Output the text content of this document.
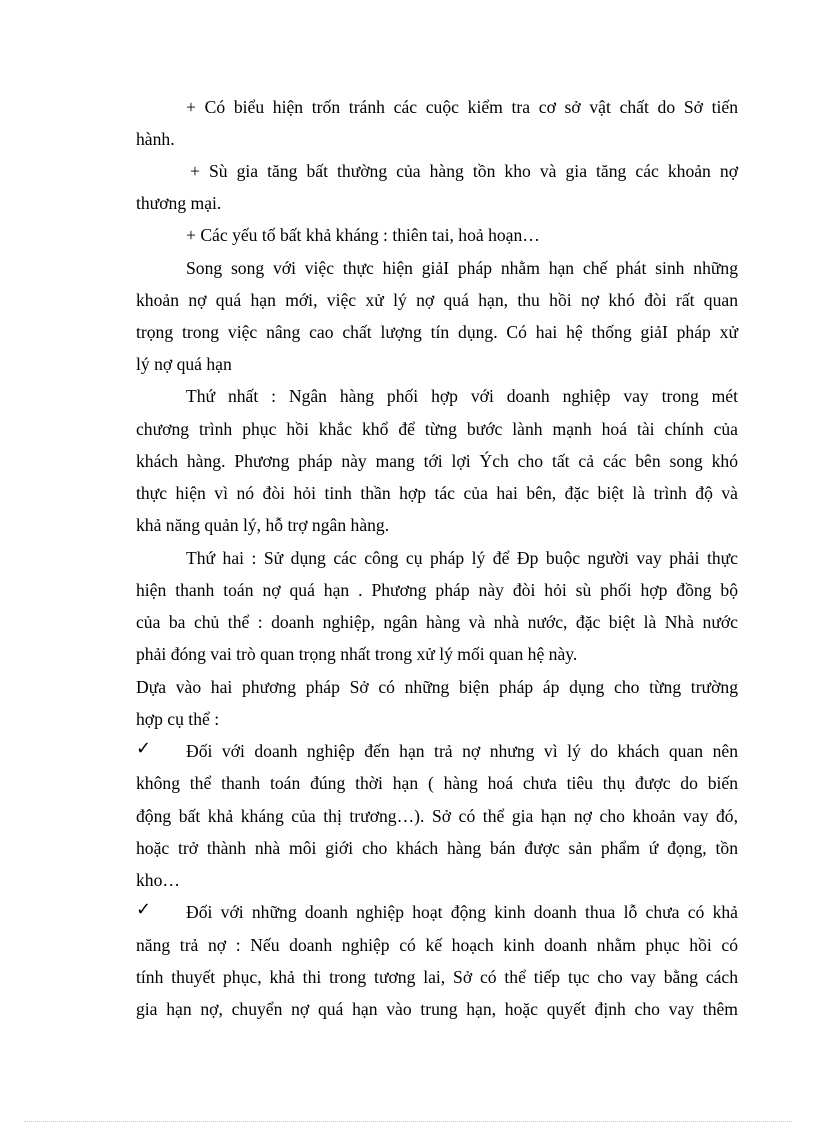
+ Có biểu hiện trốn tránh các cuộc kiểm tra cơ sở vật chất do Sở tiến
hành.
+ Sù gia tăng bất thường của hàng tồn kho và gia tăng các khoản nợ
thương mại.
+ Các yếu tố bất khả kháng : thiên tai, hoả hoạn…
Song song với việc thực hiện giảI pháp nhằm hạn chế phát sinh những
khoản nợ quá hạn mới, việc xử lý nợ quá hạn, thu hồi nợ khó đòi rất quan
trọng trong việc nâng cao chất lượng tín dụng. Có hai hệ thống giảI pháp xử
lý nợ quá hạn
Thứ nhất : Ngân hàng phối hợp với doanh nghiệp vay trong mét
chương trình phục hồi khắc khổ để từng bước lành mạnh hoá tài chính của
khách hàng. Phương pháp này mang tới lợi Ých cho tất cả các bên song khó
thực hiện vì nó đòi hỏi tinh thần hợp tác của hai bên, đặc biệt là trình độ và
khả năng quản lý, hỗ trợ ngân hàng.
Thứ hai : Sử dụng các công cụ pháp lý để Ðp buộc người vay phải thực
hiện thanh toán nợ quá hạn . Phương pháp này đòi hỏi sù phối hợp đồng bộ
của ba chủ thể : doanh nghiệp, ngân hàng và nhà nước, đặc biệt là Nhà nước
phải đóng vai trò quan trọng nhất trong xử lý mối quan hệ này.
Dựa vào hai phương pháp Sở có những biện pháp áp dụng cho từng trường
hợp cụ thể :
✓ Đối với doanh nghiệp đến hạn trả nợ nhưng vì lý do khách quan nên
không thể thanh toán đúng thời hạn ( hàng hoá chưa tiêu thụ được do biến
động bất khả kháng của thị trương…). Sở có thể gia hạn nợ cho khoản vay đó,
hoặc trở thành nhà môi giới cho khách hàng bán được sản phẩm ứ đọng, tồn
kho…
✓ Đối với những doanh nghiệp hoạt động kinh doanh thua lỗ chưa có khả
năng trả nợ : Nếu doanh nghiệp có kế hoạch kinh doanh nhằm phục hồi có
tính thuyết phục, khả thi trong tương lai, Sở có thể tiếp tục cho vay bằng cách
gia hạn nợ, chuyển nợ quá hạn vào trung hạn, hoặc quyết định cho vay thêm
